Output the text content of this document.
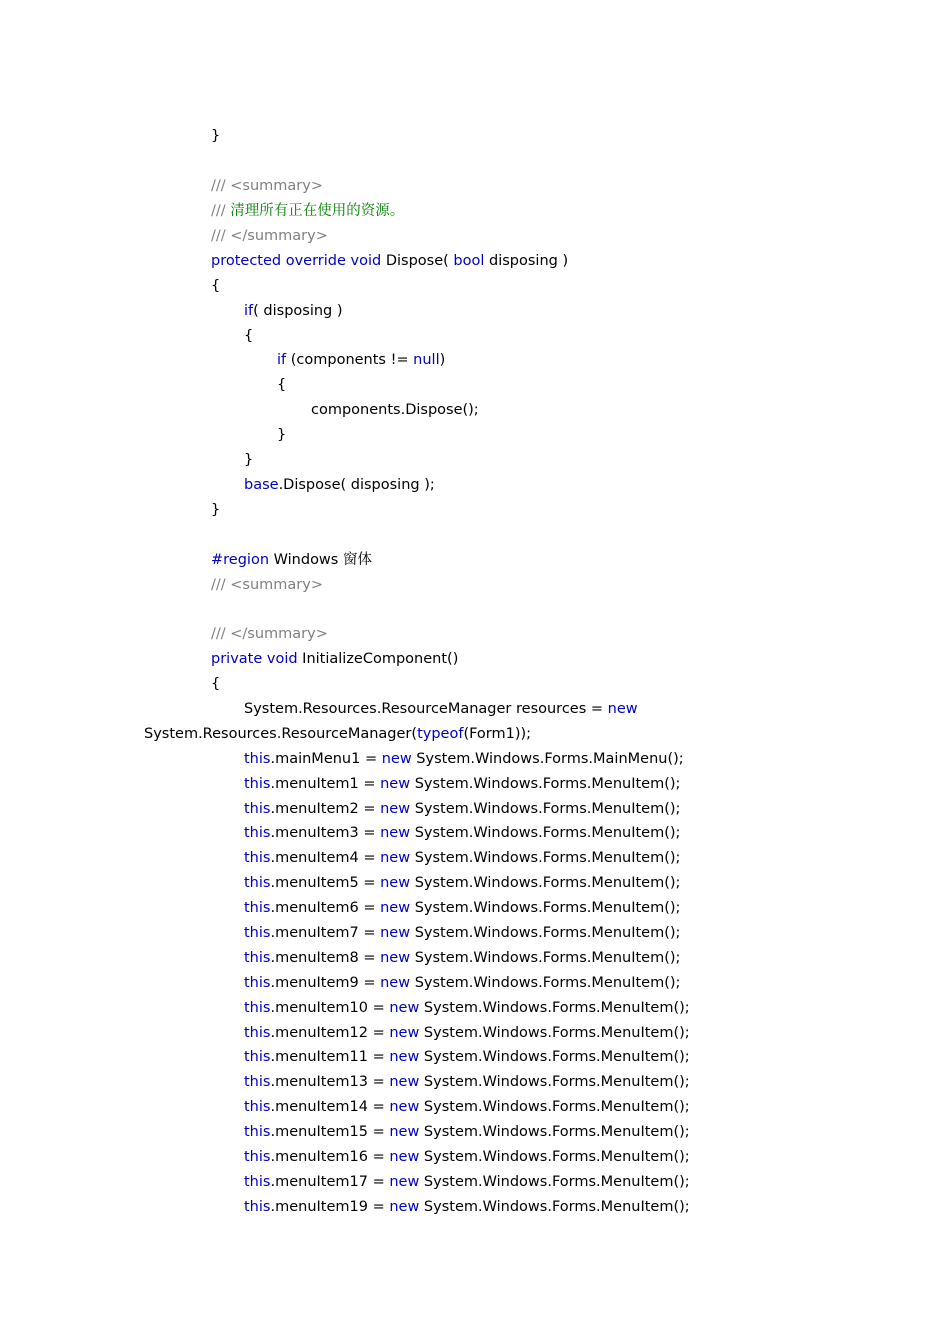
}
/// <summary>
/// 清理所有正在使用的资源。
/// </summary>
protected override void Dispose( bool disposing )
{
if( disposing )
{
if (components != null)
{
components.Dispose();
}
}
base.Dispose( disposing );
}
#region Windows 窗体
/// <summary>
/// </summary>
private void InitializeComponent()
{
System.Resources.ResourceManager resources = new
System.Resources.ResourceManager(typeof(Form1));
this.mainMenu1 = new System.Windows.Forms.MainMenu();
this.menuItem1 = new System.Windows.Forms.MenuItem();
this.menuItem2 = new System.Windows.Forms.MenuItem();
this.menuItem3 = new System.Windows.Forms.MenuItem();
this.menuItem4 = new System.Windows.Forms.MenuItem();
this.menuItem5 = new System.Windows.Forms.MenuItem();
this.menuItem6 = new System.Windows.Forms.MenuItem();
this.menuItem7 = new System.Windows.Forms.MenuItem();
this.menuItem8 = new System.Windows.Forms.MenuItem();
this.menuItem9 = new System.Windows.Forms.MenuItem();
this.menuItem10 = new System.Windows.Forms.MenuItem();
this.menuItem12 = new System.Windows.Forms.MenuItem();
this.menuItem11 = new System.Windows.Forms.MenuItem();
this.menuItem13 = new System.Windows.Forms.MenuItem();
this.menuItem14 = new System.Windows.Forms.MenuItem();
this.menuItem15 = new System.Windows.Forms.MenuItem();
this.menuItem16 = new System.Windows.Forms.MenuItem();
this.menuItem17 = new System.Windows.Forms.MenuItem();
this.menuItem19 = new System.Windows.Forms.MenuItem();
